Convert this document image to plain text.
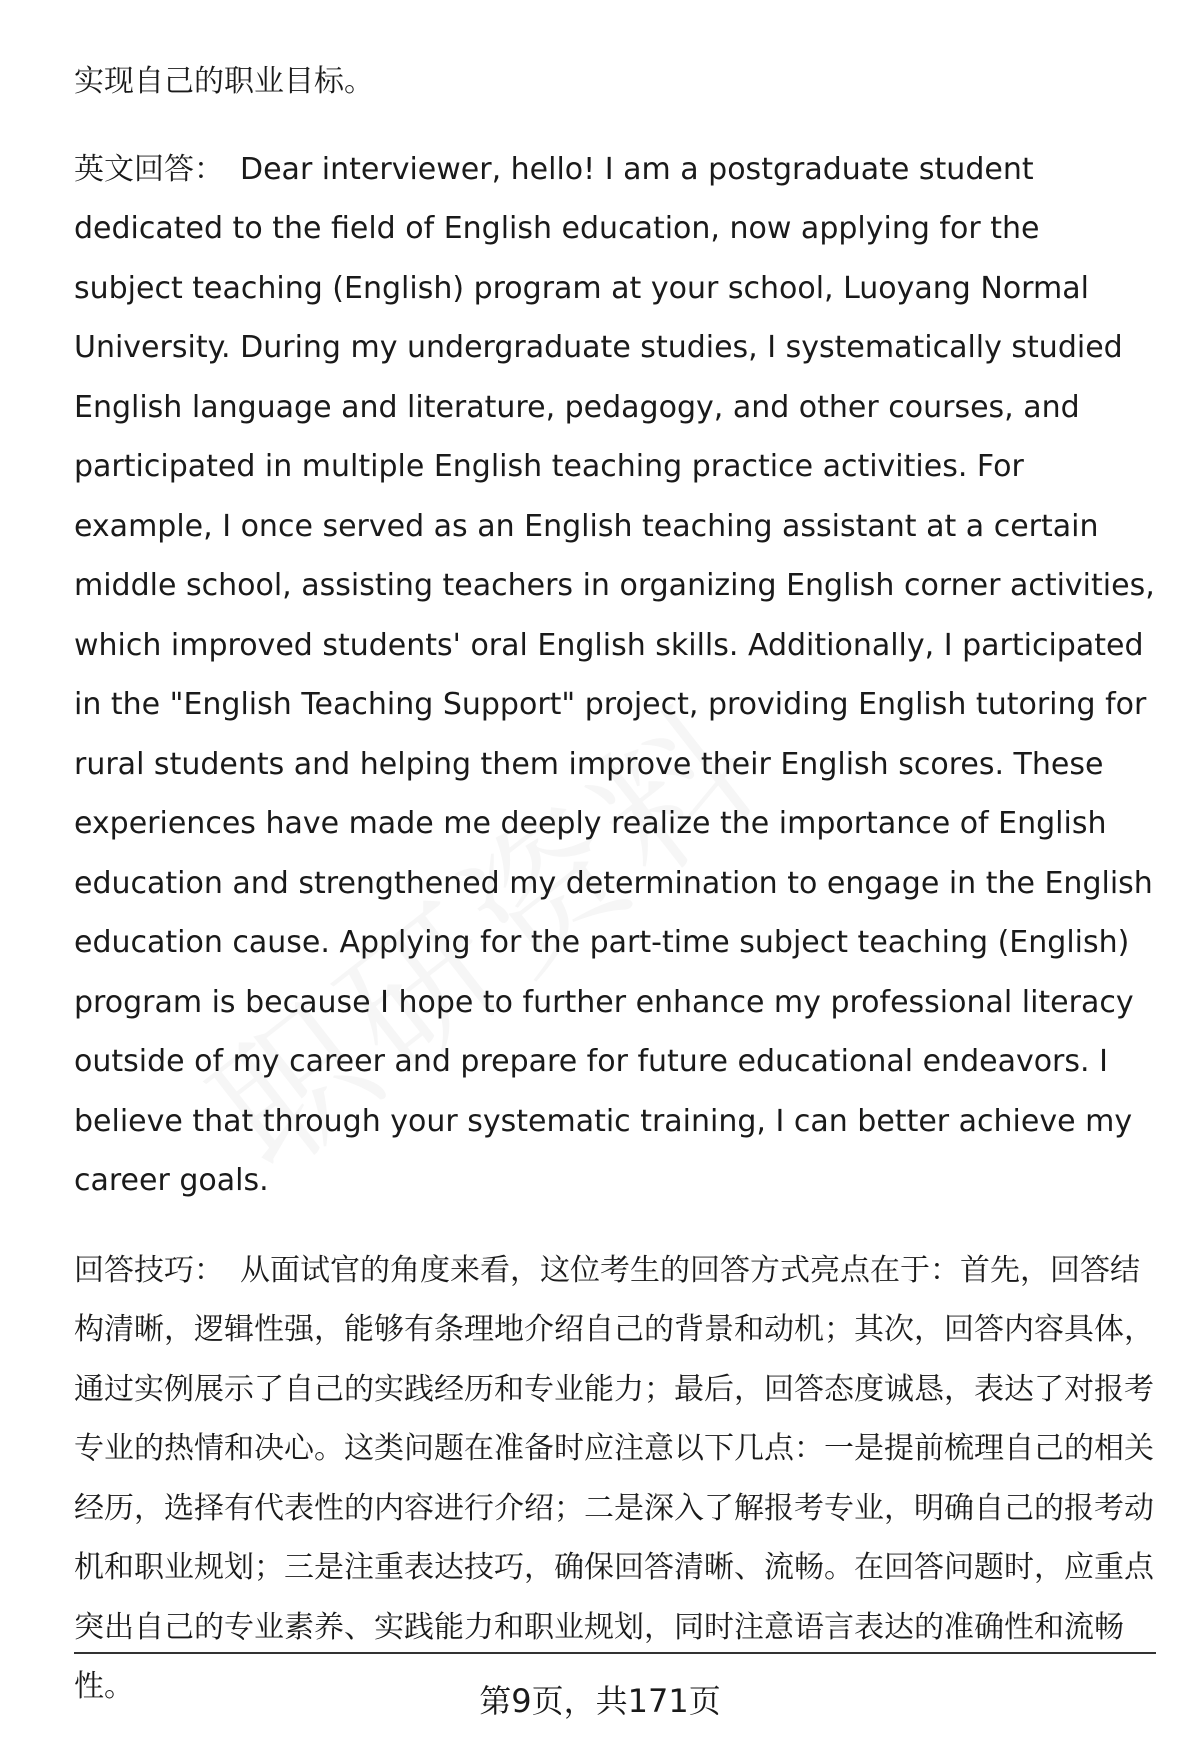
实现自己的职业目标。

英文回答： Dear interviewer, hello! I am a postgraduate student dedicated to the field of English education, now applying for the subject teaching (English) program at your school, Luoyang Normal University. During my undergraduate studies, I systematically studied English language and literature, pedagogy, and other courses, and participated in multiple English teaching practice activities. For example, I once served as an English teaching assistant at a certain middle school, assisting teachers in organizing English corner activities, which improved students' oral English skills. Additionally, I participated in the "English Teaching Support" project, providing English tutoring for rural students and helping them improve their English scores. These experiences have made me deeply realize the importance of English education and strengthened my determination to engage in the English education cause. Applying for the part-time subject teaching (English) program is because I hope to further enhance my professional literacy outside of my career and prepare for future educational endeavors. I believe that through your systematic training, I can better achieve my career goals.

回答技巧： 从面试官的角度来看，这位考生的回答方式亮点在于：首先，回答结构清晰，逻辑性强，能够有条理地介绍自己的背景和动机；其次，回答内容具体，通过实例展示了自己的实践经历和专业能力；最后，回答态度诚恳，表达了对报考专业的热情和决心。这类问题在准备时应注意以下几点：一是提前梳理自己的相关经历，选择有代表性的内容进行介绍；二是深入了解报考专业，明确自己的报考动机和职业规划；三是注重表达技巧，确保回答清晰、流畅。在回答问题时，应重点突出自己的专业素养、实践能力和职业规划，同时注意语言表达的准确性和流畅性。	第9页，共171页
